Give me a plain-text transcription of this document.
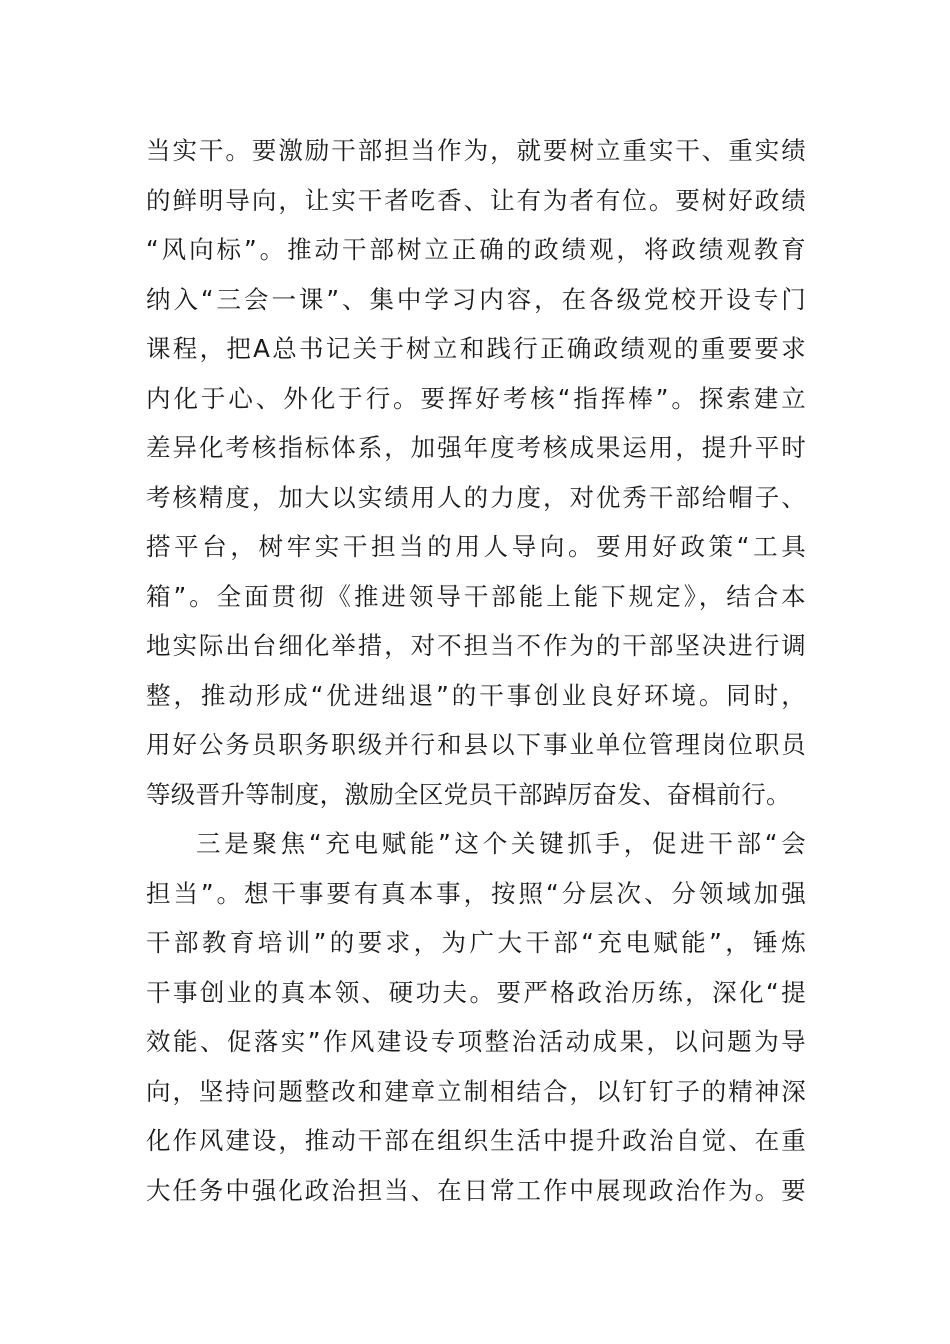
当实干。要激励干部担当作为，就要树立重实干、重实绩
的鲜明导向，让实干者吃香、让有为者有位。要树好政绩
“风向标”。推动干部树立正确的政绩观，将政绩观教育
纳入“三会一课”、集中学习内容，在各级党校开设专门
课程，把A总书记关于树立和践行正确政绩观的重要要求
内化于心、外化于行。要挥好考核“指挥棒”。探索建立
差异化考核指标体系，加强年度考核成果运用，提升平时
考核精度，加大以实绩用人的力度，对优秀干部给帽子、
搭平台，树牢实干担当的用人导向。要用好政策“工具
箱”。全面贯彻《推进领导干部能上能下规定》，结合本
地实际出台细化举措，对不担当不作为的干部坚决进行调
整，推动形成“优进绌退”的干事创业良好环境。同时，
用好公务员职务职级并行和县以下事业单位管理岗位职员
等级晋升等制度，激励全区党员干部踔厉奋发、奋楫前行。
三是聚焦“充电赋能”这个关键抓手，促进干部“会
担当”。想干事要有真本事，按照“分层次、分领域加强
干部教育培训”的要求，为广大干部“充电赋能”，锤炼
干事创业的真本领、硬功夫。要严格政治历练，深化“提
效能、促落实”作风建设专项整治活动成果，以问题为导
向，坚持问题整改和建章立制相结合，以钉钉子的精神深
化作风建设，推动干部在组织生活中提升政治自觉、在重
大任务中强化政治担当、在日常工作中展现政治作为。要
